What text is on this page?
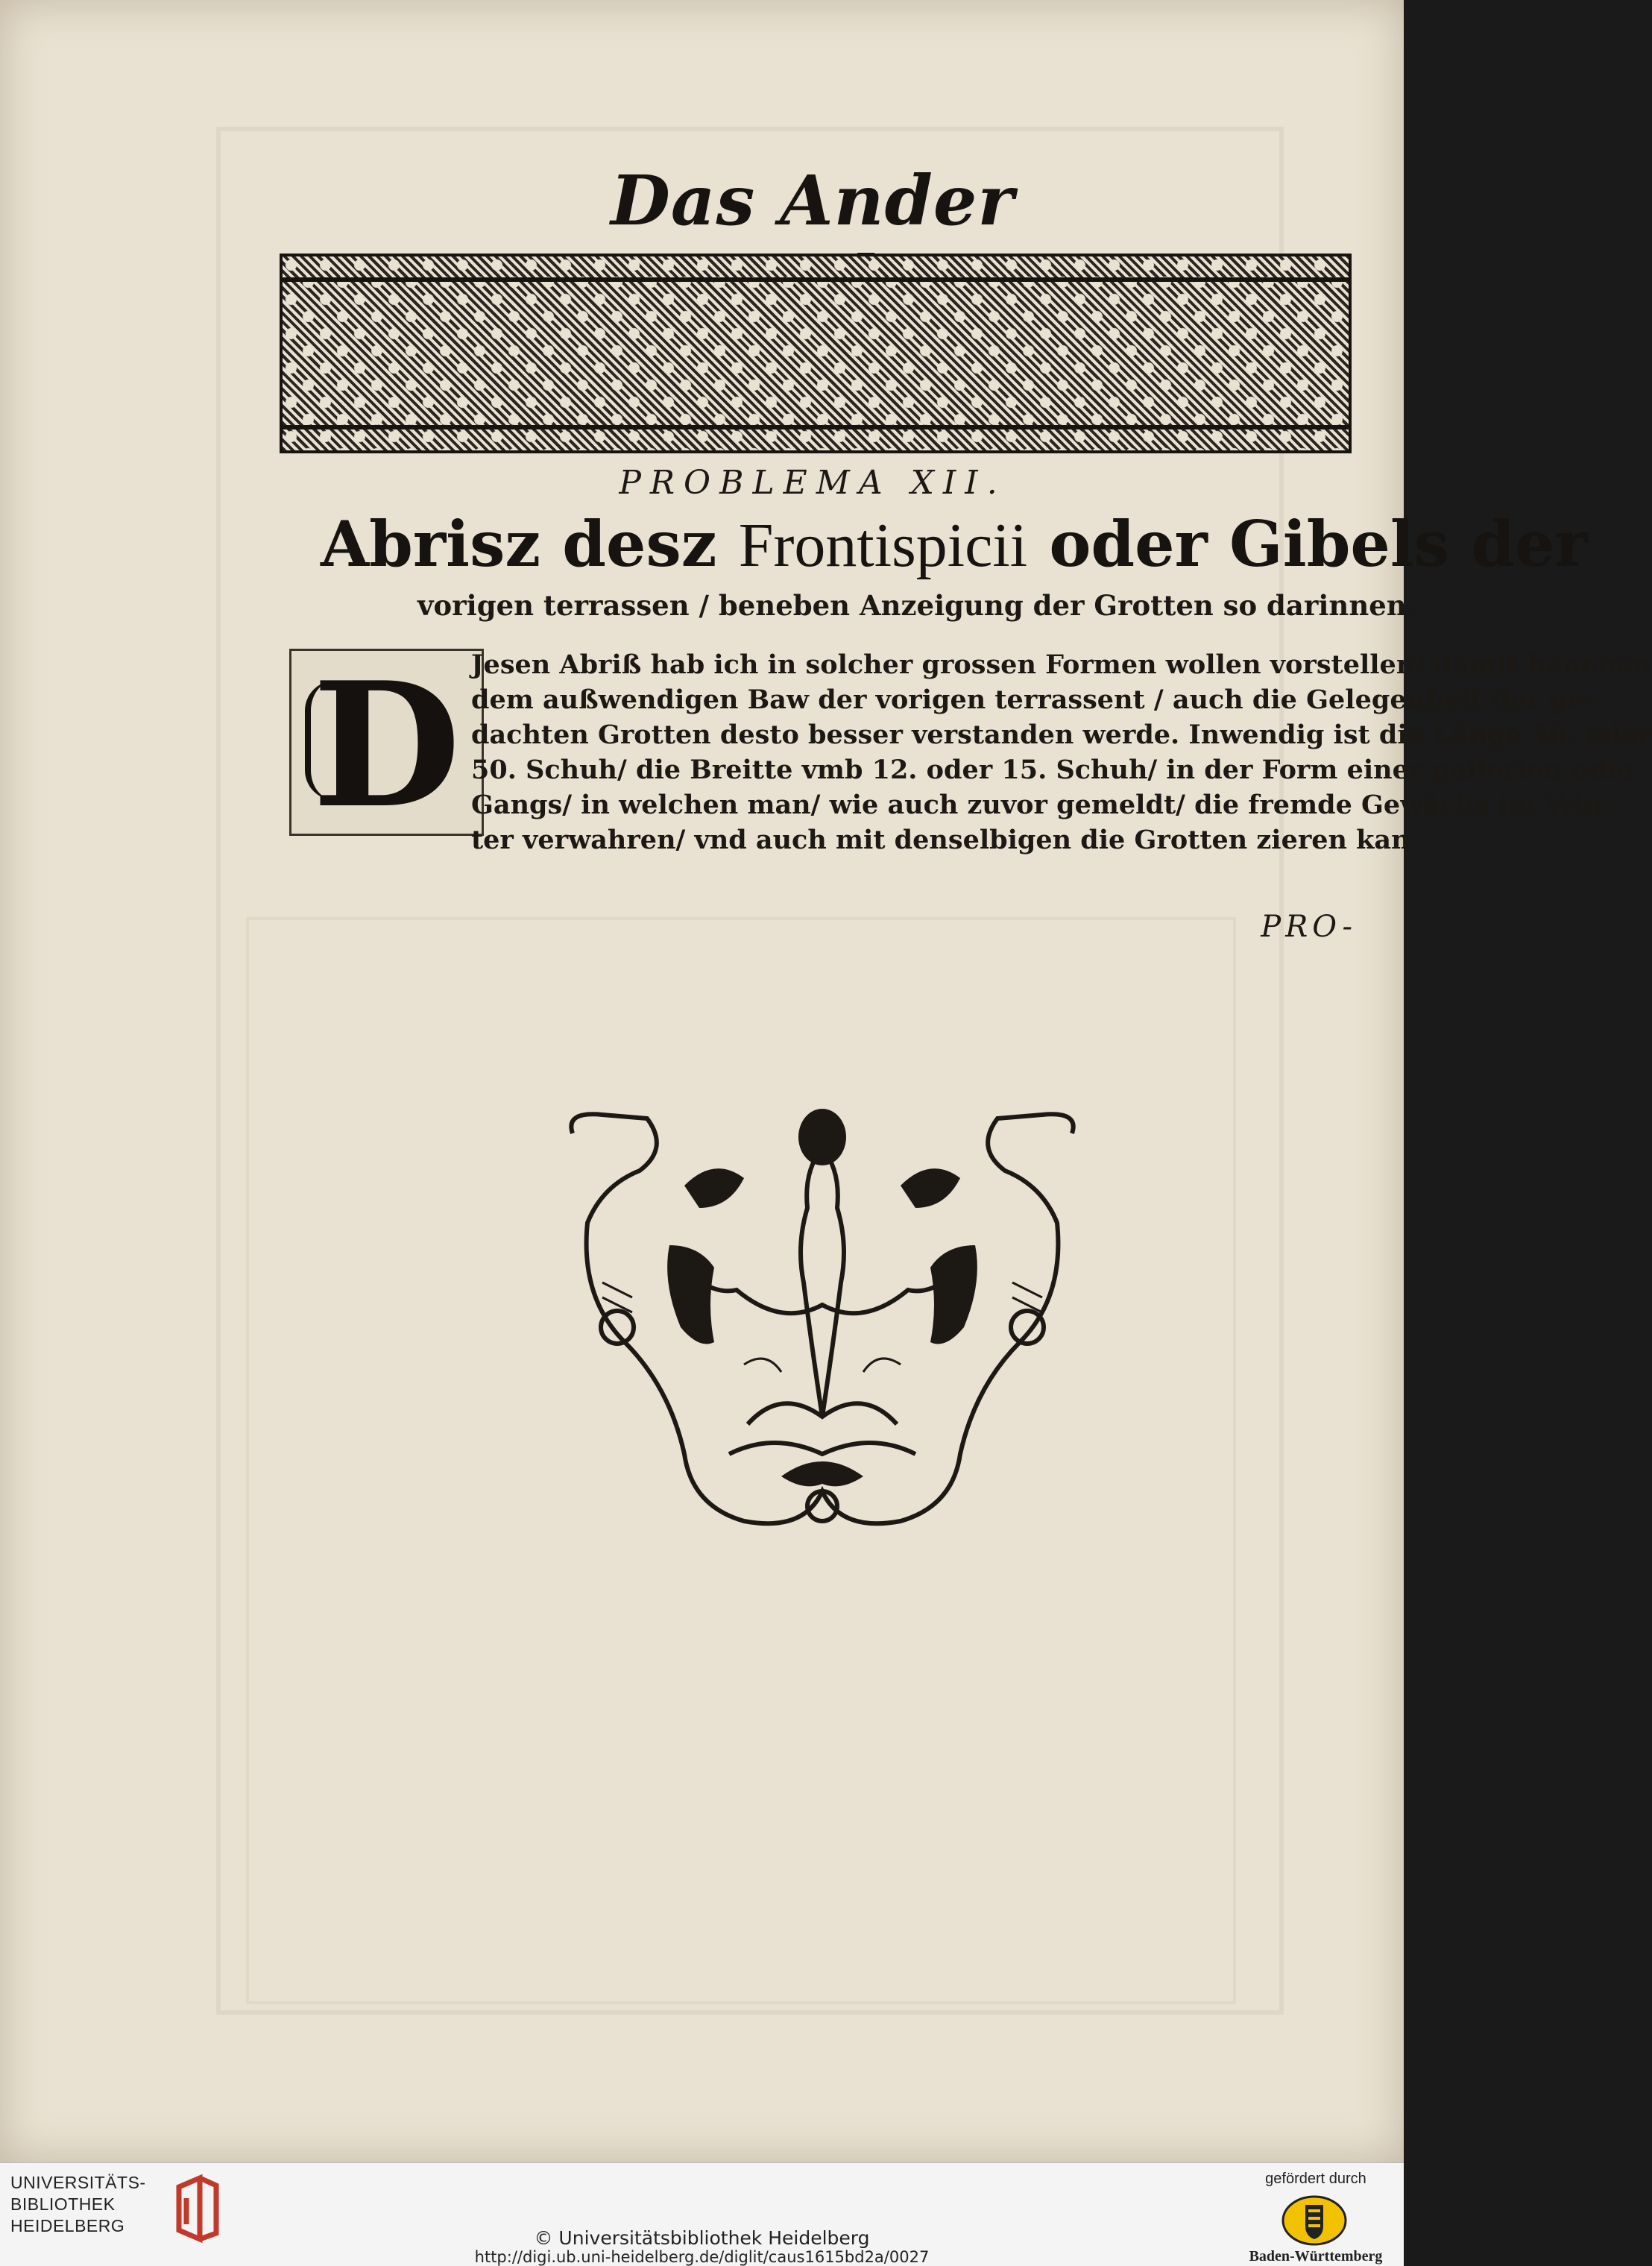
Das Ander
PROBLEMA XII.
Abrisz desz Frontispicii oder Gibels der
vorigen terrassen / beneben Anzeigung der Grotten so darinnen.
D Jesen Abriß hab ich in solcher grossen Formen wollen vorstellen/ damit beneben
dem außwendigen Baw der vorigen terrassent / auch die Gelegenheit der ge-
dachten Grotten desto besser verstanden werde. Inwendig ist die Länge 40. oder
50. Schuh/ die Breitte vmb 12. oder 15. Schuh/ in der Form einer gallerien oder
Gangs/ in welchen man/ wie auch zuvor gemeldt/ die fremde Gewächs im Win-
ter verwahren/ vnd auch mit denselbigen die Grotten zieren kan.
PRO-
UNIVERSITÄTS-
BIBLIOTHEK
HEIDELBERG
© Universitätsbibliothek Heidelberg
http://digi.ub.uni-heidelberg.de/diglit/caus1615bd2a/0027
gefördert durch
Baden-Württemberg
